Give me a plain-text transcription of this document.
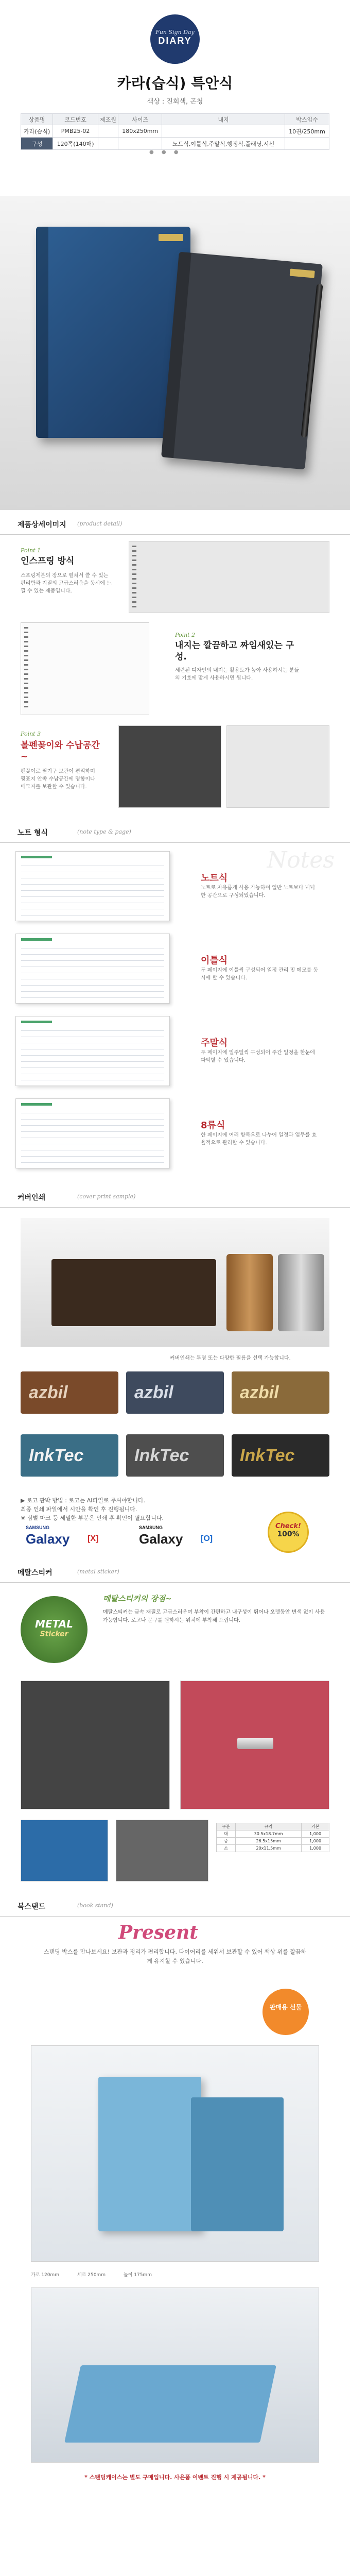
Fun Sign Day
DIARY
카라(습식) 특안식
색상 : 진회색, 곤청
상품명	코드번호	제조원	사이즈	내지	박스입수
카라(습식)	PMB25-02		180x250mm		10권/250mm
구성	120쪽(140매)			노트식,이틀식,주말식,행정식,플래닝,시선	
● ● ●
제품상세이미지 (product detail)
Point 1
인스프링 방식
스프링제본의 장으로 펼쳐서 쓸 수 있는 편리함과 지질의 고급스러움을 동시에 느낄 수 있는 제품입니다.
Point 2
내지는 깔끔하고 짜임새있는 구성.
세련된 디자인의 내지는 활용도가 높아 사용하시는 분들의 기호에 맞게 사용하시면 됩니다.
Point 3
볼펜꽂이와 수납공간~
펜꽂이로 필기구 보관이 편리하며 뒷표지 안쪽 수납공간에 명함이나 메모지를 보관할 수 있습니다.
노트 형식	(note type & page)
Notes
노트식
노트로 자유롭게 사용 가능하며 일반 노트보다 넉넉한 공간으로 구성되었습니다.
이틀식
두 페이지에 이틀씩 구성되어 일정 관리 및 메모를 동시에 할 수 있습니다.
주말식
두 페이지에 일주일씩 구성되어 주간 일정을 한눈에 파악할 수 있습니다.
8류식
한 페이지에 여러 항목으로 나누어 일정과 업무를 효율적으로 관리할 수 있습니다.
커버인쇄	(cover print sample)
커버인쇄는 투명 또는 다양한 필름을 선택 가능합니다.
azbil	azbil	azbil
InkTec	InkTec	InkTec
▶ 로고 판박 방법 : 로고는 AI파일로 주셔야합니다.
최종 인쇄 파일에서 시안을 확인 후 진행됩니다.
※ 심벌 마크 등 세밀한 부분은 인쇄 후 확인이 필요합니다.
SAMSUNG
Galaxy [X]
SAMSUNG
Galaxy [O]
Check!
100%
메탈스티커	(metal sticker)
METAL
Sticker
메탈스티커의 장점~
메탈스티커는 금속 재질로 고급스러우며 부착이 간편하고 내구성이 뛰어나 오랫동안 변색 없이 사용 가능합니다. 로고나 문구를 원하시는 위치에 부착해 드립니다.
구분	규격	기본
대	30.5x18.7mm	1,000
중	26.5x15mm	1,000
소	20x11.5mm	1,000
북스탠드	(book stand)
Present
스탠딩 박스를 만나보세요! 보관과 정리가 편리합니다. 다이어리를 세워서 보관할 수 있어 책상 위를 깔끔하게 유지할 수 있습니다.
판매용 선물
가로 120mm	세로 250mm	높이 175mm
* 스탠딩케이스는 별도 구매입니다. 사은품 이벤트 진행 시 제공됩니다. *
